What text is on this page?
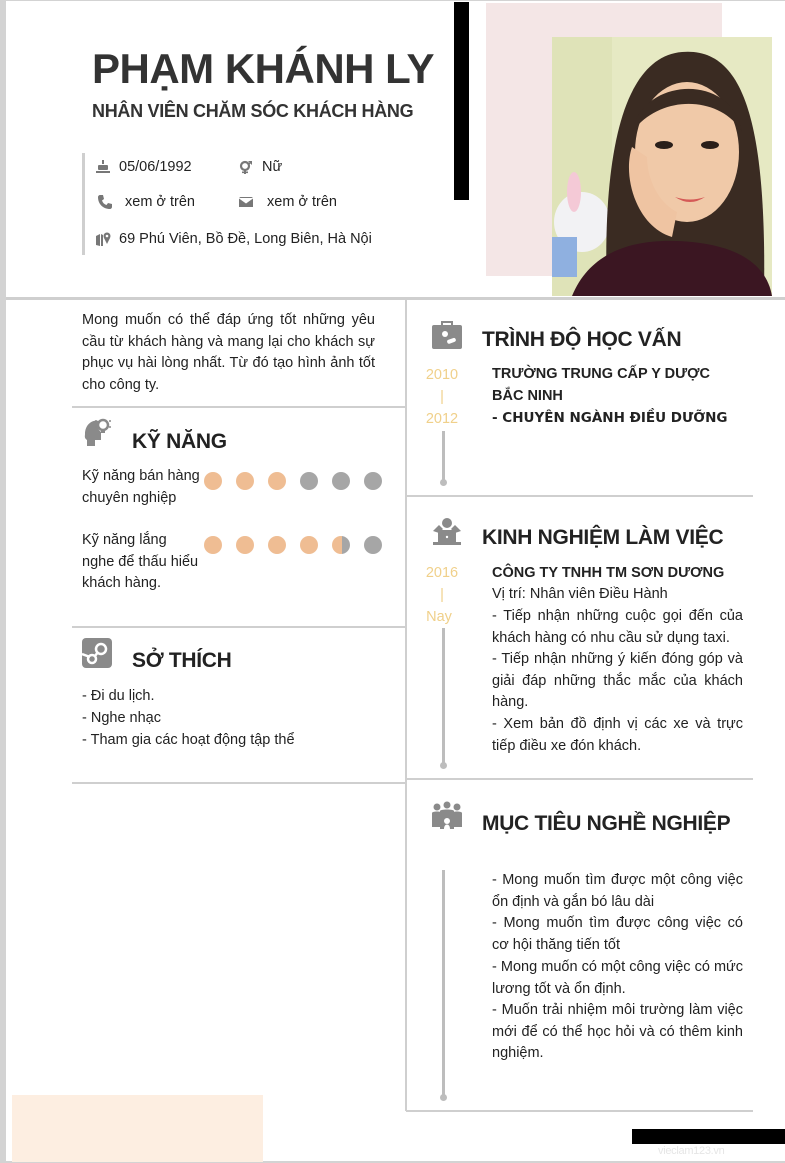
PHẠM KHÁNH LY
NHÂN VIÊN CHĂM SÓC KHÁCH HÀNG
05/06/1992	Nữ
xem ở trên	xem ở trên
69 Phú Viên, Bồ Đề, Long Biên, Hà Nội
Mong muốn có thể đáp ứng tốt những yêu cầu từ khách hàng và mang lại cho khách sự phục vụ hài lòng nhất. Từ đó tạo hình ảnh tốt cho công ty.
KỸ NĂNG
Kỹ năng bán hàng chuyên nghiệp
Kỹ năng lắng nghe để thấu hiểu khách hàng.
SỞ THÍCH
- Đi du lịch.
- Nghe nhạc
- Tham gia các hoạt động tập thể
TRÌNH ĐỘ HỌC VẤN
2010
|
2012
TRƯỜNG TRUNG CẤP Y DƯỢC BẮC NINH
- CHUYÊN NGÀNH ĐIỀU DƯỠNG
KINH NGHIỆM LÀM VIỆC
2016
|
Nay
CÔNG TY TNHH TM SƠN DƯƠNG
Vị trí: Nhân viên Điều Hành
- Tiếp nhận những cuộc gọi đến của khách hàng có nhu cầu sử dụng taxi.
- Tiếp nhận những ý kiến đóng góp và giải đáp những thắc mắc của khách hàng.
- Xem bản đồ định vị các xe và trực tiếp điều xe đón khách.
MỤC TIÊU NGHỀ NGHIỆP
- Mong muốn tìm được một công việc ổn định và gắn bó lâu dài
- Mong muốn tìm được công việc có cơ hội thăng tiến tốt
- Mong muốn có một công việc có mức lương tốt và ổn định.
- Muốn trải nhiệm môi trường làm việc mới để có thể học hỏi và có thêm kinh nghiệm.
vieclam123.vn
